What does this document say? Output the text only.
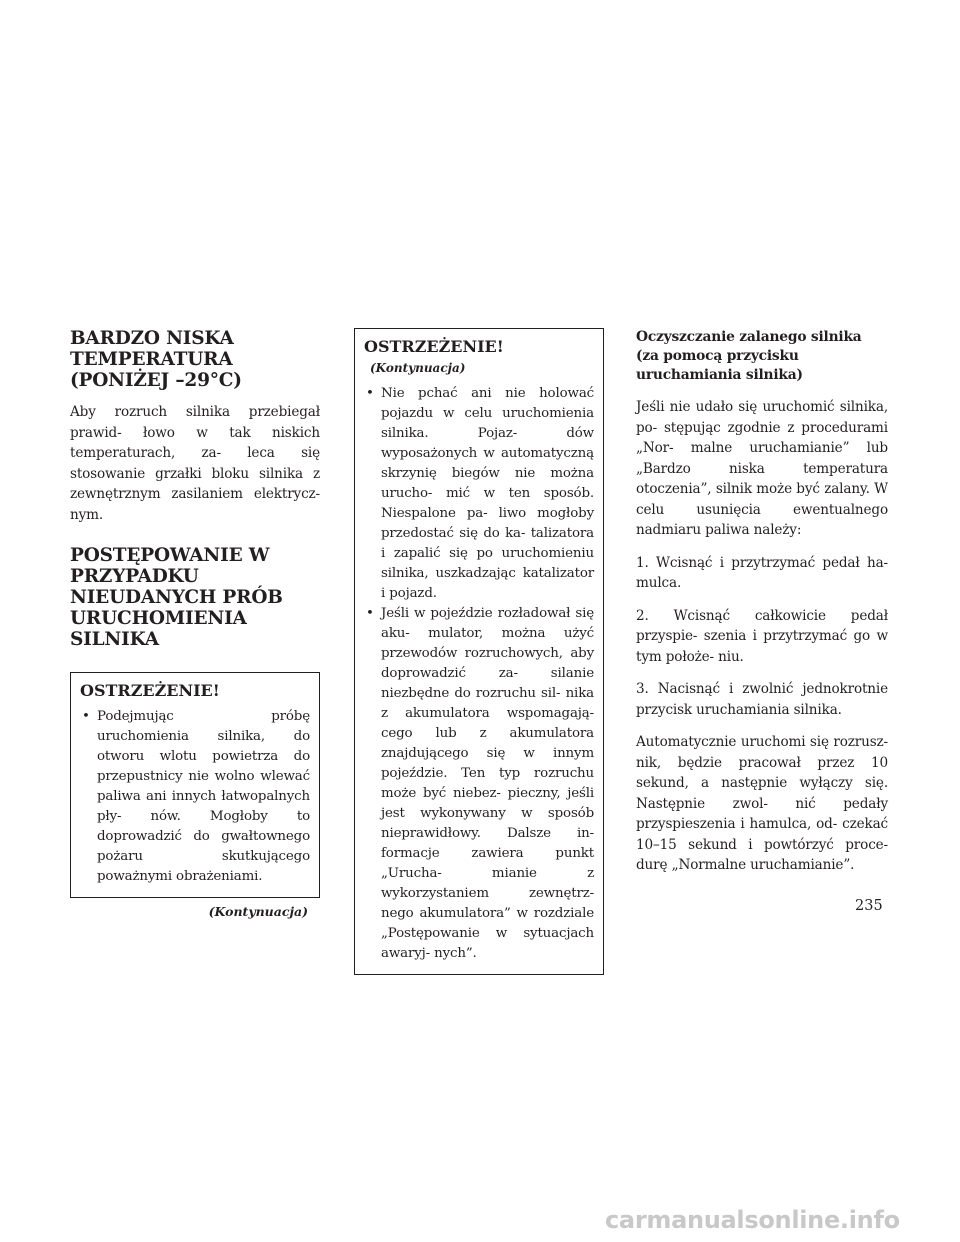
BARDZO NISKA TEMPERATURA (PONIŻEJ –29°C)

Aby rozruch silnika przebiegał prawid- łowo w tak niskich temperaturach, za- leca się stosowanie grzałki bloku silnika z zewnętrznym zasilaniem elektrycz- nym.

POSTĘPOWANIE W PRZYPADKU NIEUDANYCH PRÓB URUCHOMIENIA SILNIKA
OSTRZEŻENIE!
• Podejmując próbę uruchomienia silnika, do otworu wlotu powietrza do przepustnicy nie wolno wlewać paliwa ani innych łatwopalnych pły- nów. Mogłoby to doprowadzić do gwałtownego pożaru skutkującego poważnymi obrażeniami.
(Kontynuacja)
OSTRZEŻENIE!(Kontynuacja)
• Nie pchać ani nie holować pojazdu w celu uruchomienia silnika. Pojaz- dów wyposażonych w automatyczną skrzynię biegów nie można urucho- mić w ten sposób. Niespalone pa- liwo mogłoby przedostać się do ka- talizatora i zapalić się po uruchomieniu silnika, uszkadzając katalizator i pojazd.
• Jeśli w pojeździe rozładował się aku- mulator, można użyć przewodów rozruchowych, aby doprowadzić za- silanie niezbędne do rozruchu sil- nika z akumulatora wspomagają- cego lub z akumulatora znajdującego się w innym pojeździe. Ten typ rozruchu może być niebez- pieczny, jeśli jest wykonywany w sposób nieprawidłowy. Dalsze in- formacje zawiera punkt „Urucha- mianie z wykorzystaniem zewnętrz- nego akumulatora” w rozdziale „Postępowanie w sytuacjach awaryj- nych”.
Oczyszczanie zalanego silnika (za pomocą przycisku uruchamiania silnika)

Jeśli nie udało się uruchomić silnika, po- stępując zgodnie z procedurami „Nor- malne uruchamianie” lub „Bardzo niska temperatura otoczenia”, silnik może być zalany. W celu usunięcia ewentualnego nadmiaru paliwa należy:

1. Wcisnąć i przytrzymać pedał ha- mulca.

2. Wcisnąć całkowicie pedał przyspie- szenia i przytrzymać go w tym położe- niu.

3. Nacisnąć i zwolnić jednokrotnie przycisk uruchamiania silnika.

Automatycznie uruchomi się rozrusz- nik, będzie pracował przez 10 sekund, a następnie wyłączy się. Następnie zwol- nić pedały przyspieszenia i hamulca, od- czekać 10–15 sekund i powtórzyć proce- durę „Normalne uruchamianie”.

235
carmanualsonline.info
